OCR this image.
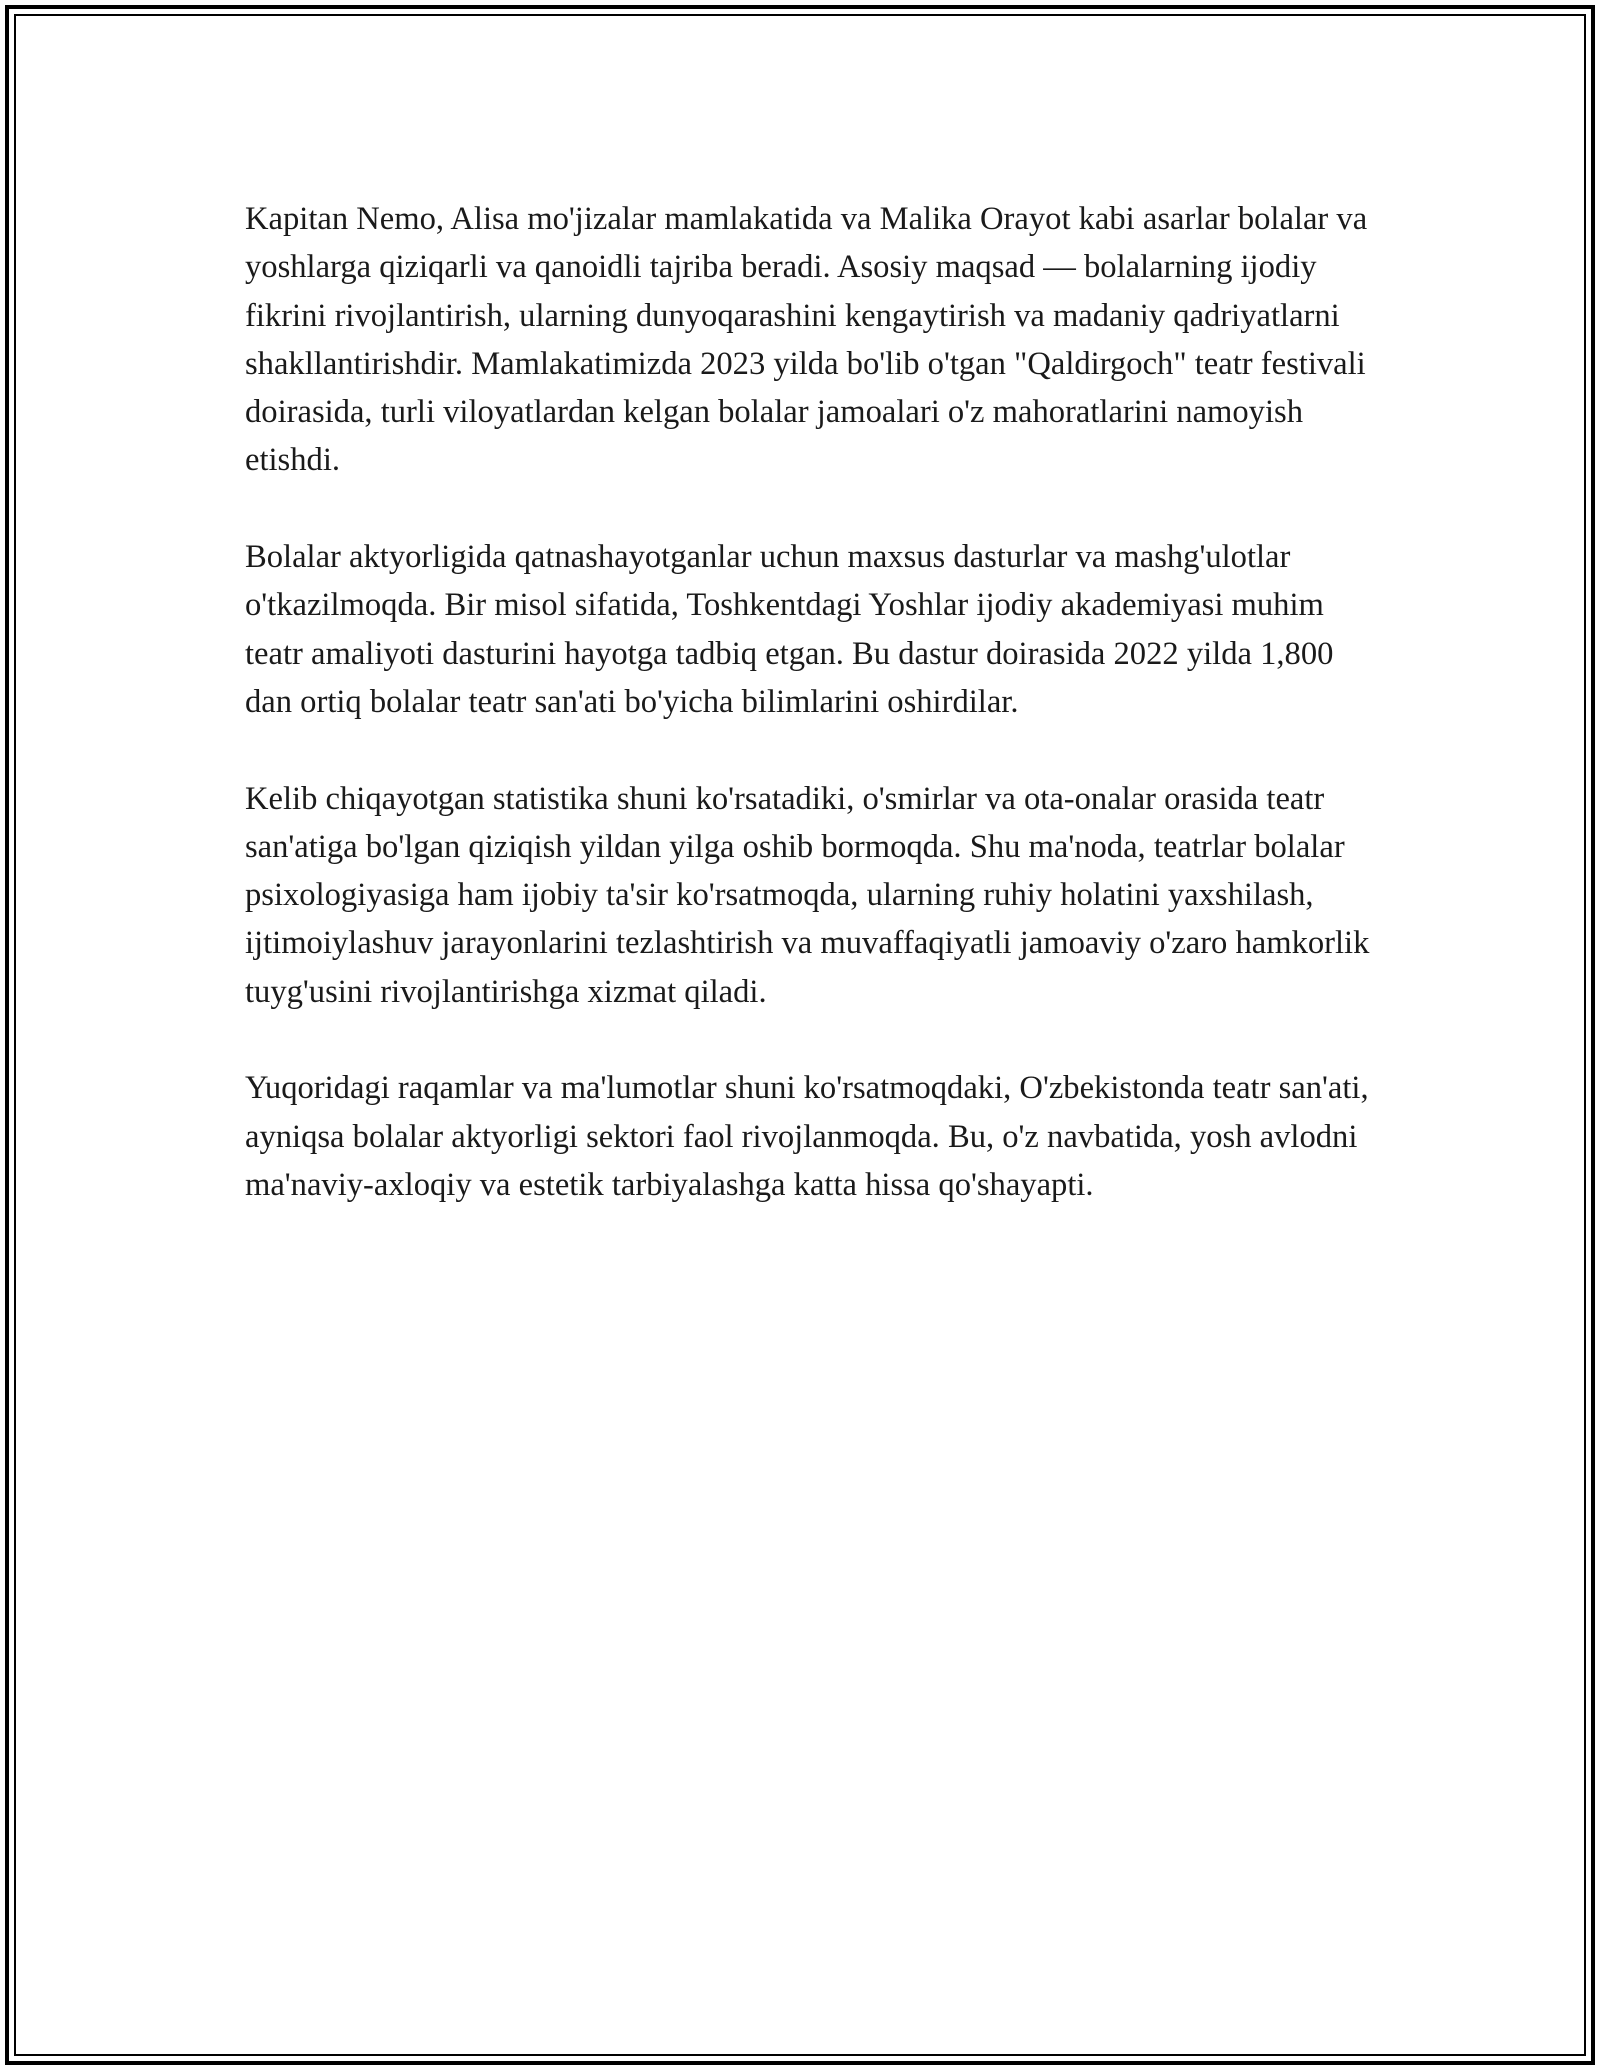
Kapitan Nemo, Alisa mo'jizalar mamlakatida va Malika Orayot kabi asarlar bolalar va yoshlarga qiziqarli va qanoidli tajriba beradi. Asosiy maqsad — bolalarning ijodiy fikrini rivojlantirish, ularning dunyoqarashini kengaytirish va madaniy qadriyatlarni shakllantirishdir. Mamlakatimizda 2023 yilda bo'lib o'tgan "Qaldirgoch" teatr festivali doirasida, turli viloyatlardan kelgan bolalar jamoalari o'z mahoratlarini namoyish etishdi.

Bolalar aktyorligida qatnashayotganlar uchun maxsus dasturlar va mashg'ulotlar o'tkazilmoqda. Bir misol sifatida, Toshkentdagi Yoshlar ijodiy akademiyasi muhim teatr amaliyoti dasturini hayotga tadbiq etgan. Bu dastur doirasida 2022 yilda 1,800 dan ortiq bolalar teatr san'ati bo'yicha bilimlarini oshirdilar.

Kelib chiqayotgan statistika shuni ko'rsatadiki, o'smirlar va ota-onalar orasida teatr san'atiga bo'lgan qiziqish yildan yilga oshib bormoqda. Shu ma'noda, teatrlar bolalar psixologiyasiga ham ijobiy ta'sir ko'rsatmoqda, ularning ruhiy holatini yaxshilash, ijtimoiylashuv jarayonlarini tezlashtirish va muvaffaqiyatli jamoaviy o'zaro hamkorlik tuyg'usini rivojlantirishga xizmat qiladi.

Yuqoridagi raqamlar va ma'lumotlar shuni ko'rsatmoqdaki, O'zbekistonda teatr san'ati, ayniqsa bolalar aktyorligi sektori faol rivojlanmoqda. Bu, o'z navbatida, yosh avlodni ma'naviy-axloqiy va estetik tarbiyalashga katta hissa qo'shayapti.
